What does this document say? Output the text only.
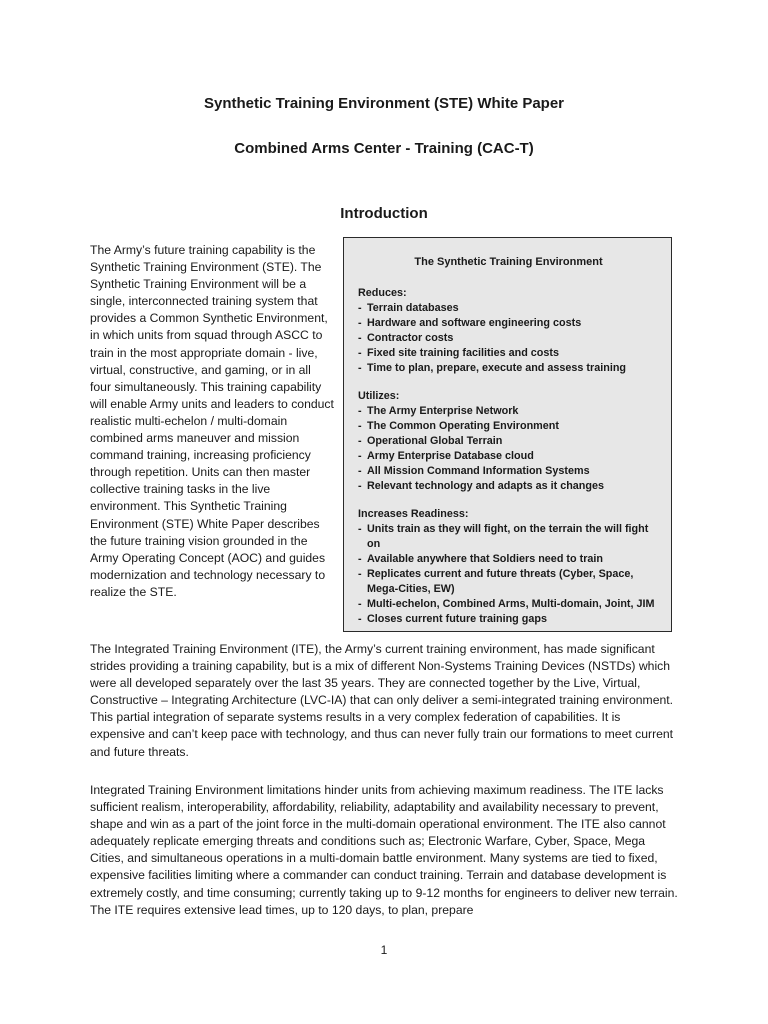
Synthetic Training Environment (STE) White Paper
Combined Arms Center - Training (CAC-T)
Introduction
The Army’s future training capability is the Synthetic Training Environment (STE). The Synthetic Training Environment will be a single, interconnected training system that provides a Common Synthetic Environment, in which units from squad through ASCC to train in the most appropriate domain - live, virtual, constructive, and gaming, or in all four simultaneously. This training capability will enable Army units and leaders to conduct realistic multi-echelon / multi-domain combined arms maneuver and mission command training, increasing proficiency through repetition. Units can then master collective training tasks in the live environment. This Synthetic Training Environment (STE) White Paper describes the future training vision grounded in the Army Operating Concept (AOC) and guides modernization and technology necessary to realize the STE.
The Synthetic Training Environment
Reduces:
- Terrain databases
- Hardware and software engineering costs
- Contractor costs
- Fixed site training facilities and costs
- Time to plan, prepare, execute and assess training
Utilizes:
- The Army Enterprise Network
- The Common Operating Environment
- Operational Global Terrain
- Army Enterprise Database cloud
- All Mission Command Information Systems
- Relevant technology and adapts as it changes
Increases Readiness:
- Units train as they will fight, on the terrain the will fight on
- Available anywhere that Soldiers need to train
- Replicates current and future threats (Cyber, Space, Mega-Cities, EW)
- Multi-echelon, Combined Arms, Multi-domain, Joint, JIM
- Closes current future training gaps
The Integrated Training Environment (ITE), the Army’s current training environment, has made significant strides providing a training capability, but is a mix of different Non-Systems Training Devices (NSTDs) which were all developed separately over the last 35 years. They are connected together by the Live, Virtual, Constructive – Integrating Architecture (LVC-IA) that can only deliver a semi-integrated training environment. This partial integration of separate systems results in a very complex federation of capabilities. It is expensive and can’t keep pace with technology, and thus can never fully train our formations to meet current and future threats.
Integrated Training Environment limitations hinder units from achieving maximum readiness. The ITE lacks sufficient realism, interoperability, affordability, reliability, adaptability and availability necessary to prevent, shape and win as a part of the joint force in the multi-domain operational environment. The ITE also cannot adequately replicate emerging threats and conditions such as; Electronic Warfare, Cyber, Space, Mega Cities, and simultaneous operations in a multi-domain battle environment. Many systems are tied to fixed, expensive facilities limiting where a commander can conduct training. Terrain and database development is extremely costly, and time consuming; currently taking up to 9-12 months for engineers to deliver new terrain. The ITE requires extensive lead times, up to 120 days, to plan, prepare
1
